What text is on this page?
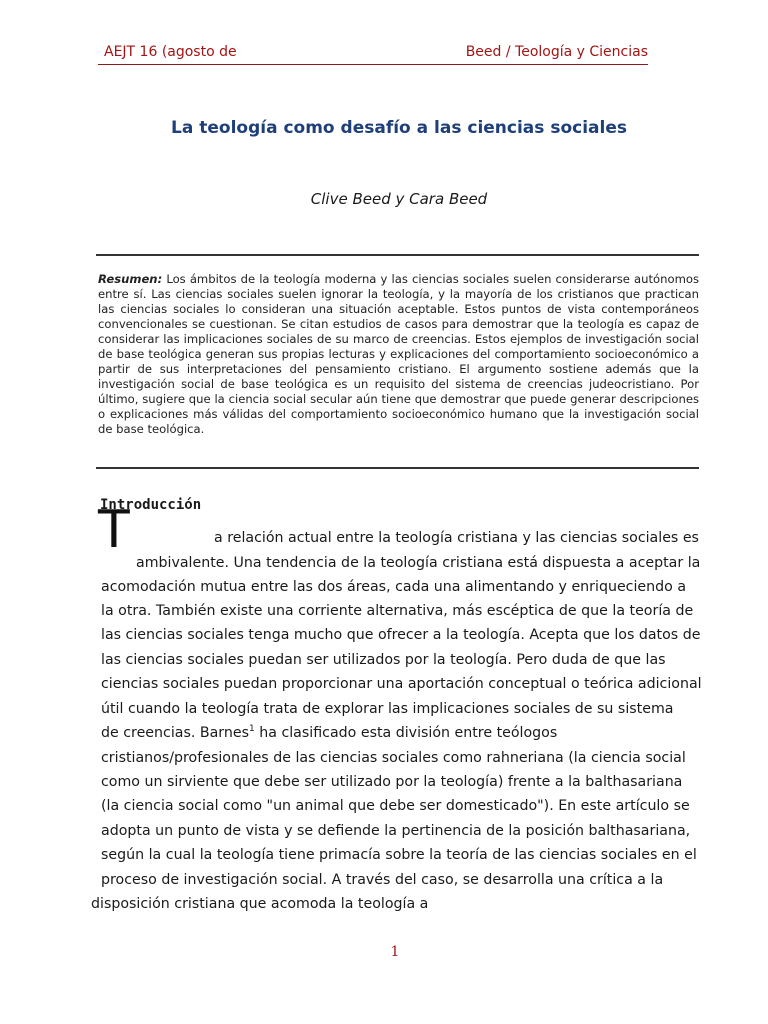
AEJT 16 (agosto de	Beed / Teología y Ciencias
La teología como desafío a las ciencias sociales
Clive Beed y Cara Beed
Resumen: Los ámbitos de la teología moderna y las ciencias sociales suelen considerarse autónomos entre sí. Las ciencias sociales suelen ignorar la teología, y la mayoría de los cristianos que practican las ciencias sociales lo consideran una situación aceptable. Estos puntos de vista contemporáneos convencionales se cuestionan. Se citan estudios de casos para demostrar que la teología es capaz de considerar las implicaciones sociales de su marco de creencias. Estos ejemplos de investigación social de base teológica generan sus propias lecturas y explicaciones del comportamiento socioeconómico a partir de sus interpretaciones del pensamiento cristiano. El argumento sostiene además que la investigación social de base teológica es un requisito del sistema de creencias judeocristiano. Por último, sugiere que la ciencia social secular aún tiene que demostrar que puede generar descripciones o explicaciones más válidas del comportamiento socioeconómico humano que la investigación social de base teológica.
Introducción
T	a relación actual entre la teología cristiana y las ciencias sociales es
ambivalente. Una tendencia de la teología cristiana está dispuesta a aceptar la
acomodación mutua entre las dos áreas, cada una alimentando y enriqueciendo a
la otra. También existe una corriente alternativa, más escéptica de que la teoría de
las ciencias sociales tenga mucho que ofrecer a la teología. Acepta que los datos de
las ciencias sociales puedan ser utilizados por la teología. Pero duda de que las
ciencias sociales puedan proporcionar una aportación conceptual o teórica adicional
útil cuando la teología trata de explorar las implicaciones sociales de su sistema
de creencias. Barnes$^1$ ha clasificado esta división entre teólogos
cristianos/profesionales de las ciencias sociales como rahneriana (la ciencia social
como un sirviente que debe ser utilizado por la teología) frente a la balthasariana
(la ciencia social como "un animal que debe ser domesticado"). En este artículo se
adopta un punto de vista y se defiende la pertinencia de la posición balthasariana,
según la cual la teología tiene primacía sobre la teoría de las ciencias sociales en el
proceso de investigación social. A través del caso, se desarrolla una crítica a la
disposición cristiana que acomoda la teología a
1
